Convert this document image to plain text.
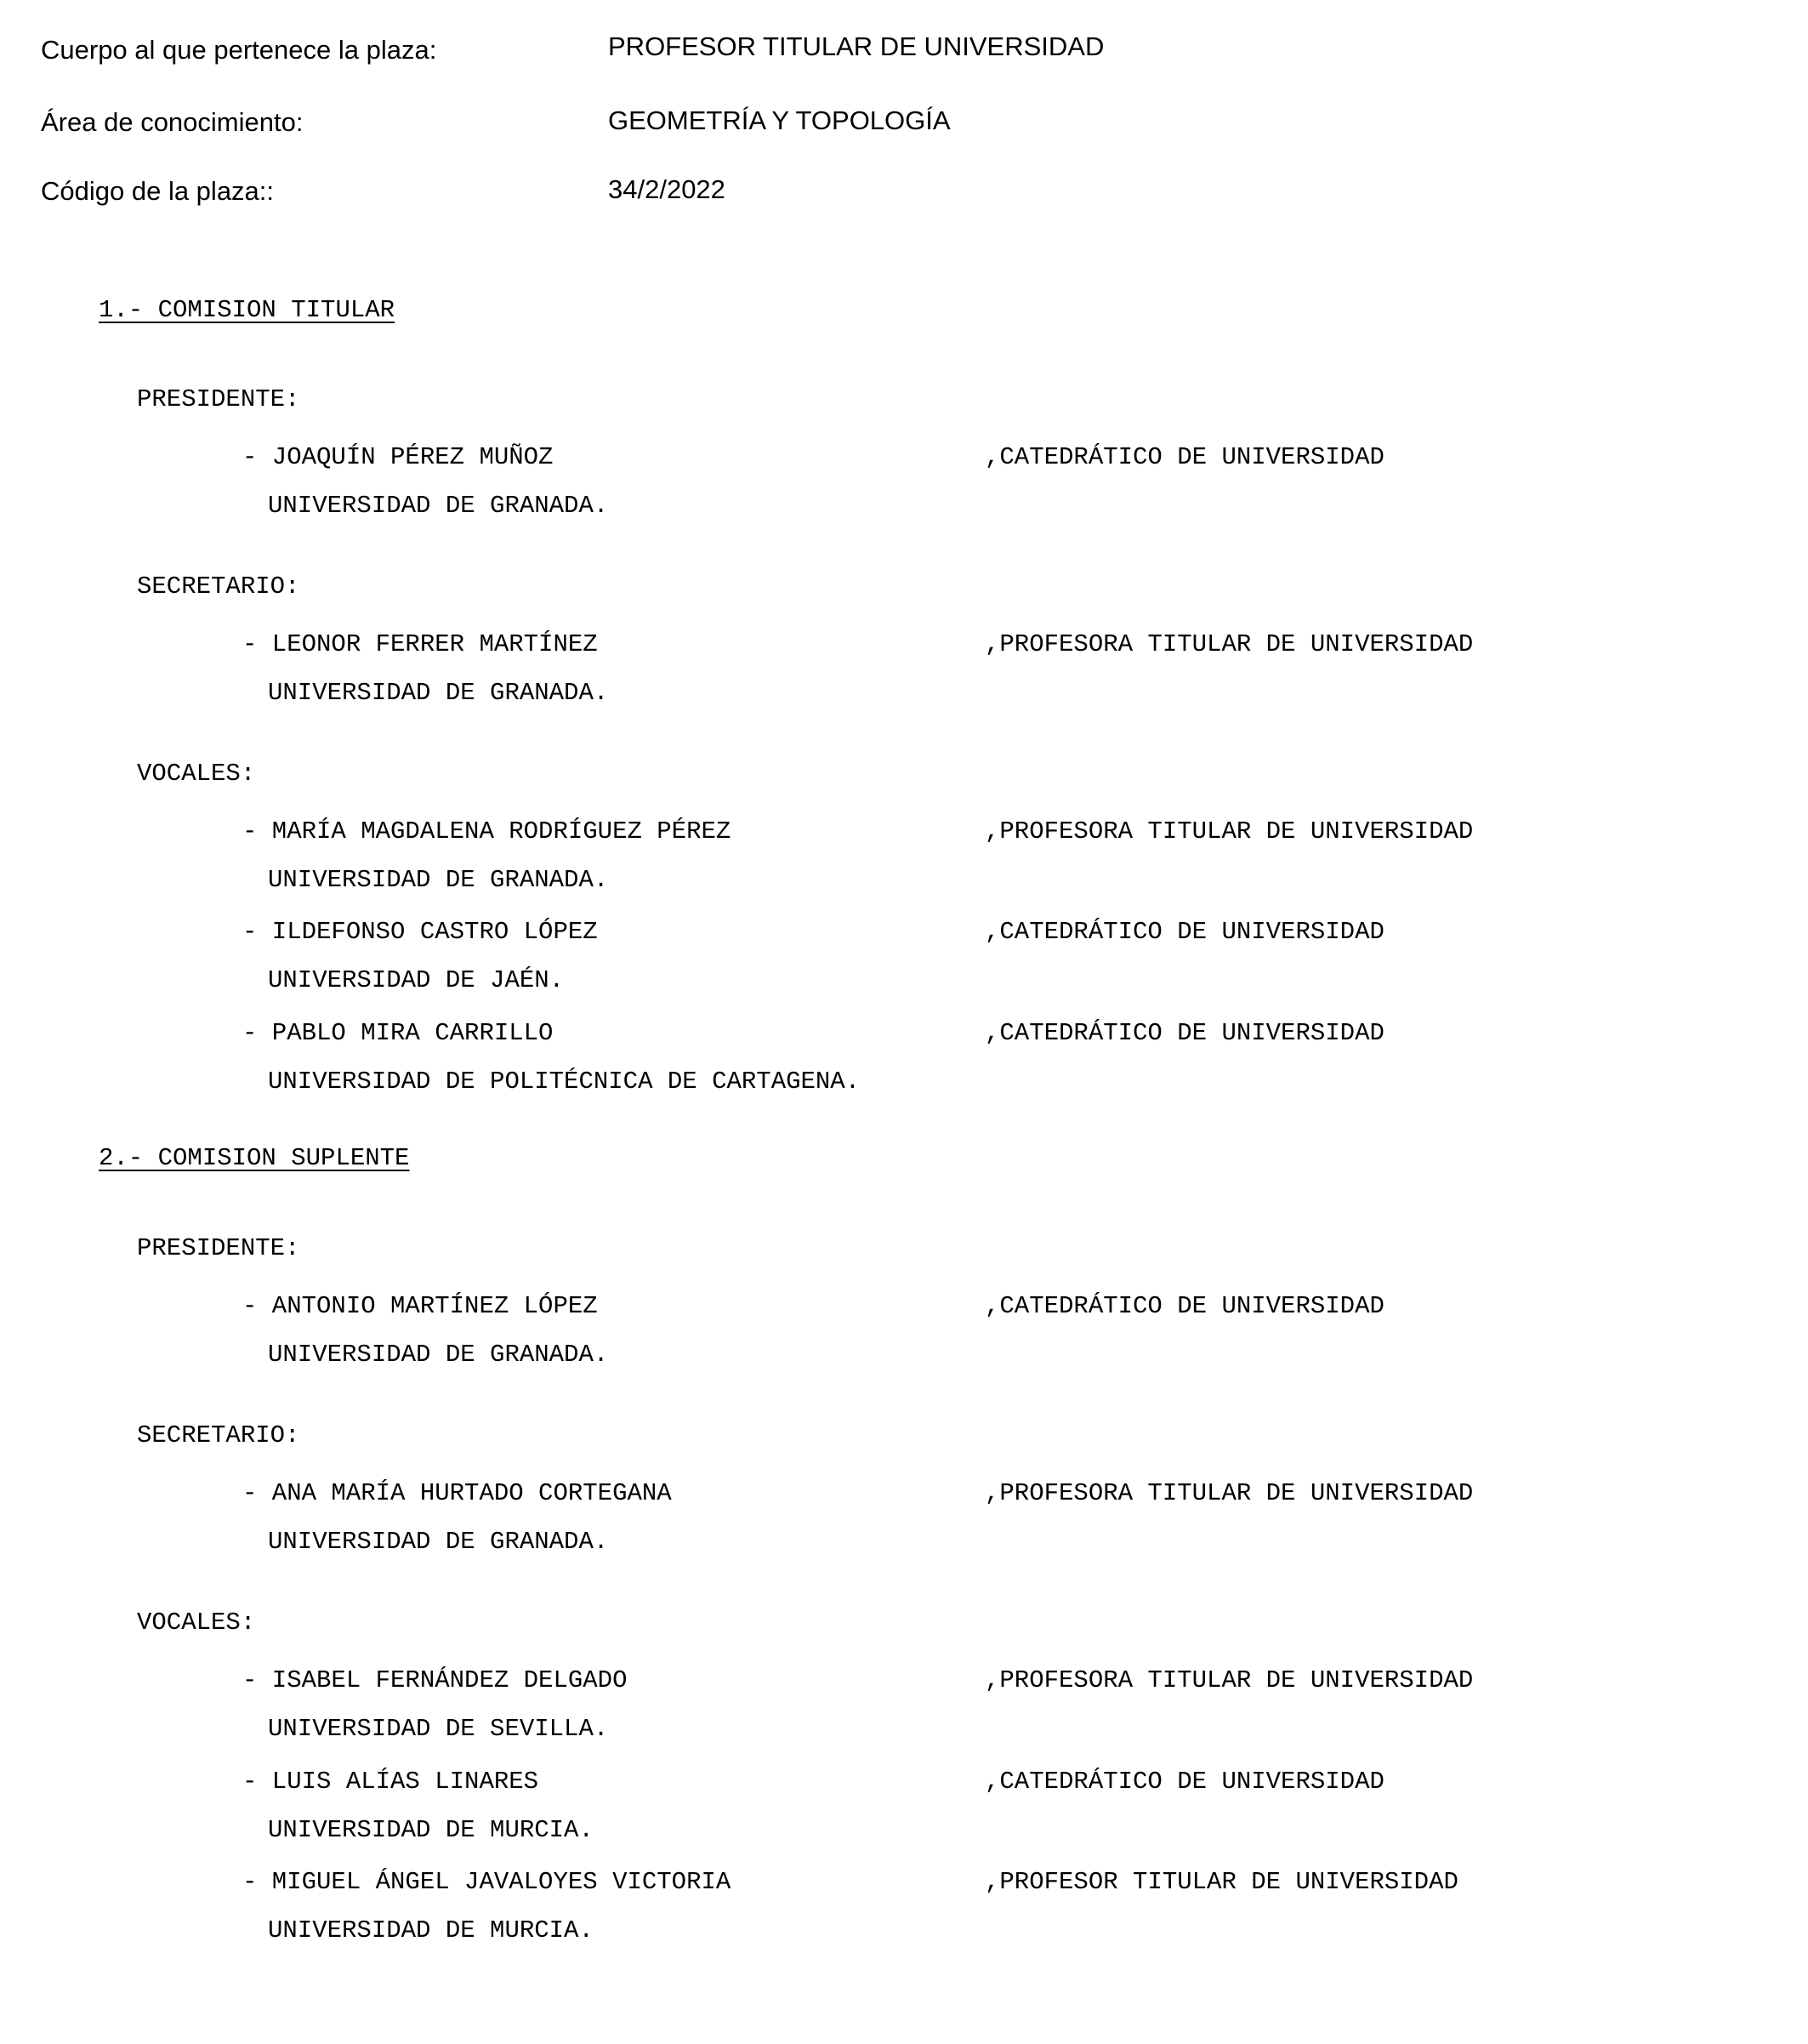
Cuerpo al que pertenece la plaza:	PROFESOR TITULAR DE UNIVERSIDAD
Área de conocimiento:	GEOMETRÍA Y TOPOLOGÍA
Código de la plaza::	34/2/2022
1.- COMISION TITULAR
PRESIDENTE:
- JOAQUÍN PÉREZ MUÑOZ	,CATEDRÁTICO DE UNIVERSIDAD
UNIVERSIDAD DE GRANADA.
SECRETARIO:
- LEONOR FERRER MARTÍNEZ	,PROFESORA TITULAR DE UNIVERSIDAD
UNIVERSIDAD DE GRANADA.
VOCALES:
- MARÍA MAGDALENA RODRÍGUEZ PÉREZ	,PROFESORA TITULAR DE UNIVERSIDAD
UNIVERSIDAD DE GRANADA.
- ILDEFONSO CASTRO LÓPEZ	,CATEDRÁTICO DE UNIVERSIDAD
UNIVERSIDAD DE JAÉN.
- PABLO MIRA CARRILLO	,CATEDRÁTICO DE UNIVERSIDAD
UNIVERSIDAD DE POLITÉCNICA DE CARTAGENA.
2.- COMISION SUPLENTE
PRESIDENTE:
- ANTONIO MARTÍNEZ LÓPEZ	,CATEDRÁTICO DE UNIVERSIDAD
UNIVERSIDAD DE GRANADA.
SECRETARIO:
- ANA MARÍA HURTADO CORTEGANA	,PROFESORA TITULAR DE UNIVERSIDAD
UNIVERSIDAD DE GRANADA.
VOCALES:
- ISABEL FERNÁNDEZ DELGADO	,PROFESORA TITULAR DE UNIVERSIDAD
UNIVERSIDAD DE SEVILLA.
- LUIS ALÍAS LINARES	,CATEDRÁTICO DE UNIVERSIDAD
UNIVERSIDAD DE MURCIA.
- MIGUEL ÁNGEL JAVALOYES VICTORIA	,PROFESOR TITULAR DE UNIVERSIDAD
UNIVERSIDAD DE MURCIA.
